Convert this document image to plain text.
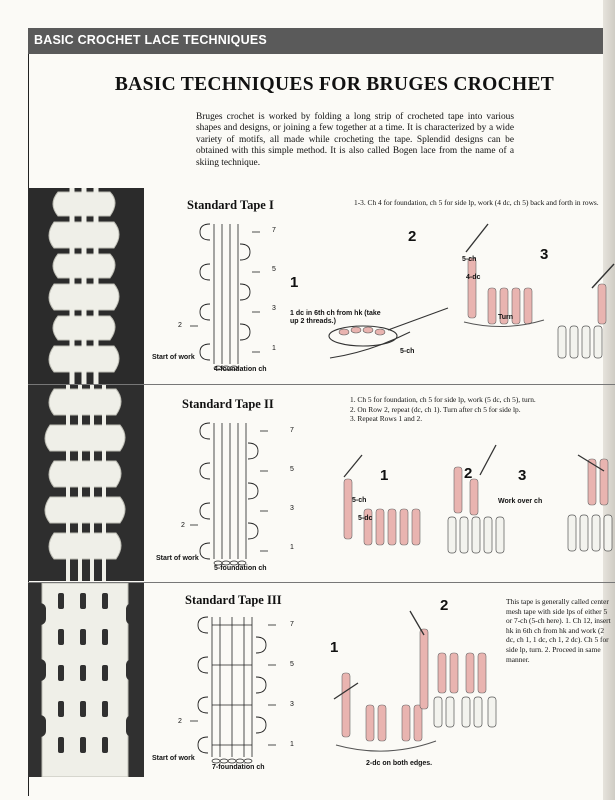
BASIC CROCHET LACE TECHNIQUES
BASIC TECHNIQUES FOR BRUGES CROCHET
Bruges crochet is worked by folding a long strip of crocheted tape into various shapes and designs, or joining a few together at a time. It is characterized by a wide variety of motifs, all made while crocheting the tape. Splendid designs can be obtained with this simple method. It is also called Bogen lace from the name of a skiing technique.
Standard Tape I	1-3. Ch 4 for foundation, ch 5 for side lp, work (4 dc, ch 5) back and forth in rows.
7
5
3
1
2
Start of work
4-foundation ch
1
2
3
1 dc in 6th ch from hk (take up 2 threads.)
5-ch
5-ch
4-dc
Turn
Standard Tape II	1. Ch 5 for foundation, ch 5 for side lp, work (5 dc, ch 5), turn.
2. On Row 2, repeat (dc, ch 1). Turn after ch 5 for side lp.
3. Repeat Rows 1 and 2.
7
5
3
1
2
Start of work
5-foundation ch
1	2	3
5-ch
5-dc
Work over ch
Standard Tape III	This tape is generally called center mesh tape with side lps of either 5 or 7-ch (5-ch here). 1. Ch 12, insert hk in 6th ch from hk and work (2 dc, ch 1, 1 dc, ch 1, 2 dc). Ch 5 for side lp, turn. 2. Proceed in same manner.
7
5
3
1
2
Start of work
7-foundation ch
1
2
2-dc on both edges.
